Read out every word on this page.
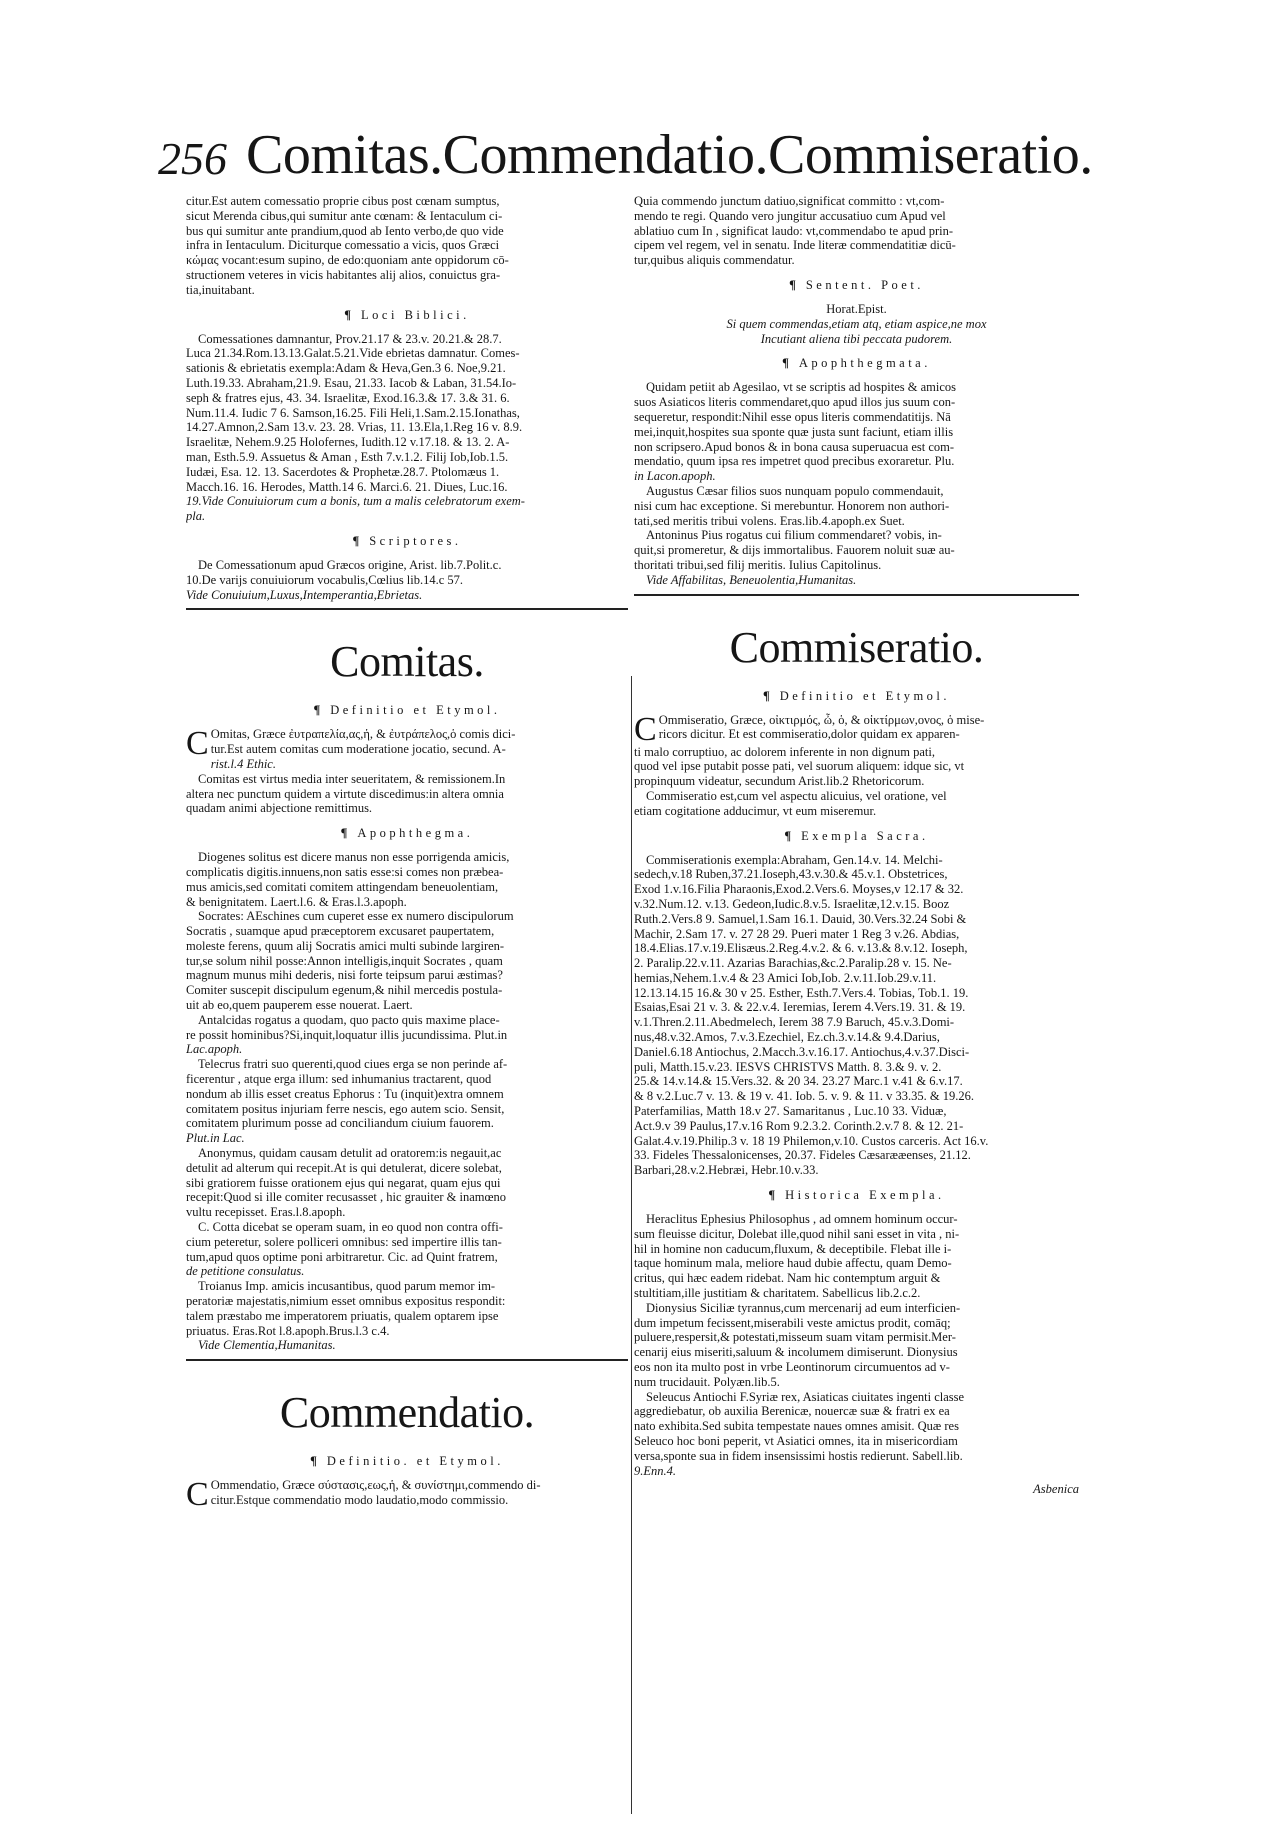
256 Comitas.Commendatio.Commiseratio.

citur.Est autem comessatio proprie cibus post cœnam sumptus,

sicut Merenda cibus,qui sumitur ante cœnam: & Ientaculum ci-

bus qui sumitur ante prandium,quod ab Iento verbo,de quo vide

infra in Ientaculum. Diciturque comessatio a vicis, quos Græci

κώμας vocant:esum supino, de edo:quoniam ante oppidorum cō-

structionem veteres in vicis habitantes alij alios, conuictus gra-

tia,inuitabant.

¶ Loci Biblici.

Comessationes damnantur, Prov.21.17 & 23.v. 20.21.& 28.7.

Luca 21.34.Rom.13.13.Galat.5.21.Vide ebrietas damnatur. Comes-

sationis & ebrietatis exempla:Adam & Heva,Gen.3 6. Noe,9.21.

Luth.19.33. Abraham,21.9. Esau, 21.33. Iacob & Laban, 31.54.Io-

seph & fratres ejus, 43. 34. Israelitæ, Exod.16.3.& 17. 3.& 31. 6.

Num.11.4. Iudic 7 6. Samson,16.25. Fili Heli,1.Sam.2.15.Ionathas,

14.27.Amnon,2.Sam 13.v. 23. 28. Vrias, 11. 13.Ela,1.Reg 16 v. 8.9.

Israelitæ, Nehem.9.25 Holofernes, Iudith.12 v.17.18. & 13. 2. A-

man, Esth.5.9. Assuetus & Aman , Esth 7.v.1.2. Filij Iob,Iob.1.5.

Iudæi, Esa. 12. 13. Sacerdotes & Prophetæ.28.7. Ptolomæus 1.

Macch.16. 16. Herodes, Matth.14 6. Marci.6. 21. Diues, Luc.16.

19.Vide Conuiuiorum cum a bonis, tum a malis celebratorum exem-

pla.

¶ Scriptores.

De Comessationum apud Græcos origine, Arist. lib.7.Polit.c.

10.De varijs conuiuiorum vocabulis,Cœlius lib.14.c 57.

Vide Conuiuium,Luxus,Intemperantia,Ebrietas.

Comitas.
¶ Definitio et Etymol.
C Omitas, Græce ἐυτραπελία,ας,ἡ, & ἐυτράπελος,ὁ comis dici-

tur.Est autem comitas cum moderatione jocatio, secund. A-

rist.l.4 Ethic.

Comitas est virtus media inter seueritatem, & remissionem.In

altera nec punctum quidem a virtute discedimus:in altera omnia

quadam animi abjectione remittimus.

¶ Apophthegma.

Diogenes solitus est dicere manus non esse porrigenda amicis,

complicatis digitis.innuens,non satis esse:si comes non præbea-

mus amicis,sed comitati comitem attingendam beneuolentiam,

& benignitatem. Laert.l.6. & Eras.l.3.apoph.

Socrates: AEschines cum cuperet esse ex numero discipulorum

Socratis , suamque apud præceptorem excusaret paupertatem,

moleste ferens, quum alij Socratis amici multi subinde largiren-

tur,se solum nihil posse:Annon intelligis,inquit Socrates , quam

magnum munus mihi dederis, nisi forte teipsum parui æstimas?

Comiter suscepit discipulum egenum,& nihil mercedis postula-

uit ab eo,quem pauperem esse nouerat. Laert.

Antalcidas rogatus a quodam, quo pacto quis maxime place-

re possit hominibus?Si,inquit,loquatur illis jucundissima. Plut.in

Lac.apoph.

Telecrus fratri suo querenti,quod ciues erga se non perinde af-

ficerentur , atque erga illum: sed inhumanius tractarent, quod

nondum ab illis esset creatus Ephorus : Tu (inquit)extra omnem

comitatem positus injuriam ferre nescis, ego autem scio. Sensit,

comitatem plurimum posse ad conciliandum ciuium fauorem.

Plut.in Lac.

Anonymus, quidam causam detulit ad oratorem:is negauit,ac

detulit ad alterum qui recepit.At is qui detulerat, dicere solebat,

sibi gratiorem fuisse orationem ejus qui negarat, quam ejus qui

recepit:Quod si ille comiter recusasset , hic grauiter & inamœno

vultu recepisset. Eras.l.8.apoph.

C. Cotta dicebat se operam suam, in eo quod non contra offi-

cium peteretur, solere polliceri omnibus: sed impertire illis tan-

tum,apud quos optime poni arbitraretur. Cic. ad Quint fratrem,

de petitione consulatus.

Troianus Imp. amicis incusantibus, quod parum memor im-

peratoriæ majestatis,nimium esset omnibus expositus respondit:

talem præstabo me imperatorem priuatis, qualem optarem ipse

priuatus. Eras.Rot l.8.apoph.Brus.l.3 c.4.

Vide Clementia,Humanitas.

Commendatio.
¶ Definitio. et Etymol.
C Ommendatio, Græce σύστασις,εως,ἡ, & συνίστημι,commendo di-

citur.Estque commendatio modo laudatio,modo commissio.

Quia commendo junctum datiuo,significat committo : vt,com-

mendo te regi. Quando vero jungitur accusatiuo cum Apud vel

ablatiuo cum In , significat laudo: vt,commendabo te apud prin-

cipem vel regem, vel in senatu. Inde literæ commendatitiæ dicū-

tur,quibus aliquis commendatur.

¶ Sentent. Poet.

Horat.Epist.

Si quem commendas,etiam atq, etiam aspice,ne mox

Incutiant aliena tibi peccata pudorem.

¶ Apophthegmata.

Quidam petiit ab Agesilao, vt se scriptis ad hospites & amicos

suos Asiaticos literis commendaret,quo apud illos jus suum con-

sequeretur, respondit:Nihil esse opus literis commendatitijs. Nā

mei,inquit,hospites sua sponte quæ justa sunt faciunt, etiam illis

non scripsero.Apud bonos & in bona causa superuacua est com-

mendatio, quum ipsa res impetret quod precibus exoraretur. Plu.

in Lacon.apoph.

Augustus Cæsar filios suos nunquam populo commendauit,

nisi cum hac exceptione. Si merebuntur. Honorem non authori-

tati,sed meritis tribui volens. Eras.lib.4.apoph.ex Suet.

Antoninus Pius rogatus cui filium commendaret? vobis, in-

quit,si promeretur, & dijs immortalibus. Fauorem noluit suæ au-

thoritati tribui,sed filij meritis. Iulius Capitolinus.

Vide Affabilitas, Beneuolentia,Humanitas.

Commiseratio.
¶ Definitio et Etymol.
C Ommiseratio, Græce, οἰκτιρμός, ὦ, ὁ, & οἰκτίρμων,ονος, ὁ mise-

ricors dicitur. Et est commiseratio,dolor quidam ex apparen-

ti malo corruptiuo, ac dolorem inferente in non dignum pati,

quod vel ipse putabit posse pati, vel suorum aliquem: idque sic, vt

propinquum videatur, secundum Arist.lib.2 Rhetoricorum.

Commiseratio est,cum vel aspectu alicuius, vel oratione, vel

etiam cogitatione adducimur, vt eum miseremur.

¶ Exempla Sacra.

Commiserationis exempla:Abraham, Gen.14.v. 14. Melchi-

sedech,v.18 Ruben,37.21.Ioseph,43.v.30.& 45.v.1. Obstetrices,

Exod 1.v.16.Filia Pharaonis,Exod.2.Vers.6. Moyses,v 12.17 & 32.

v.32.Num.12. v.13. Gedeon,Iudic.8.v.5. Israelitæ,12.v.15. Booz

Ruth.2.Vers.8 9. Samuel,1.Sam 16.1. Dauid, 30.Vers.32.24 Sobi &

Machir, 2.Sam 17. v. 27 28 29. Pueri mater 1 Reg 3 v.26. Abdias,

18.4.Elias.17.v.19.Elisæus.2.Reg.4.v.2. & 6. v.13.& 8.v.12. Ioseph,

2. Paralip.22.v.11. Azarias Barachias,&c.2.Paralip.28 v. 15. Ne-

hemias,Nehem.1.v.4 & 23 Amici Iob,Iob. 2.v.11.Iob.29.v.11.

12.13.14.15 16.& 30 v 25. Esther, Esth.7.Vers.4. Tobias, Tob.1. 19.

Esaias,Esai 21 v. 3. & 22.v.4. Ieremias, Ierem 4.Vers.19. 31. & 19.

v.1.Thren.2.11.Abedmelech, Ierem 38 7.9 Baruch, 45.v.3.Domi-

nus,48.v.32.Amos, 7.v.3.Ezechiel, Ez.ch.3.v.14.& 9.4.Darius,

Daniel.6.18 Antiochus, 2.Macch.3.v.16.17. Antiochus,4.v.37.Disci-

puli, Matth.15.v.23. IESVS CHRISTVS Matth. 8. 3.& 9. v. 2.

25.& 14.v.14.& 15.Vers.32. & 20 34. 23.27 Marc.1 v.41 & 6.v.17.

& 8 v.2.Luc.7 v. 13. & 19 v. 41. Iob. 5. v. 9. & 11. v 33.35. & 19.26.

Paterfamilias, Matth 18.v 27. Samaritanus , Luc.10 33. Viduæ,

Act.9.v 39 Paulus,17.v.16 Rom 9.2.3.2. Corinth.2.v.7 8. & 12. 21-

Galat.4.v.19.Philip.3 v. 18 19 Philemon,v.10. Custos carceris. Act 16.v.

33. Fideles Thessalonicenses, 20.37. Fideles Cæsarææenses, 21.12.

Barbari,28.v.2.Hebræi, Hebr.10.v.33.

¶ Historica Exempla.

Heraclitus Ephesius Philosophus , ad omnem hominum occur-

sum fleuisse dicitur, Dolebat ille,quod nihil sani esset in vita , ni-

hil in homine non caducum,fluxum, & deceptibile. Flebat ille i-

taque hominum mala, meliore haud dubie affectu, quam Demo-

critus, qui hæc eadem ridebat. Nam hic contemptum arguit &

stultitiam,ille justitiam & charitatem. Sabellicus lib.2.c.2.

Dionysius Siciliæ tyrannus,cum mercenarij ad eum interficien-

dum impetum fecissent,miserabili veste amictus prodit, comāq;

puluere,respersit,& potestati,misseum suam vitam permisit.Mer-

cenarij eius miseriti,saluum & incolumem dimiserunt. Dionysius

eos non ita multo post in vrbe Leontinorum circumuentos ad v-

num trucidauit. Polyæn.lib.5.

Seleucus Antiochi F.Syriæ rex, Asiaticas ciuitates ingenti classe

aggrediebatur, ob auxilia Berenicæ, nouercæ suæ & fratri ex ea

nato exhibita.Sed subita tempestate naues omnes amisit. Quæ res

Seleuco hoc boni peperit, vt Asiatici omnes, ita in misericordiam

versa,sponte sua in fidem insensissimi hostis redierunt. Sabell.lib.

9.Enn.4.

Asbenica
